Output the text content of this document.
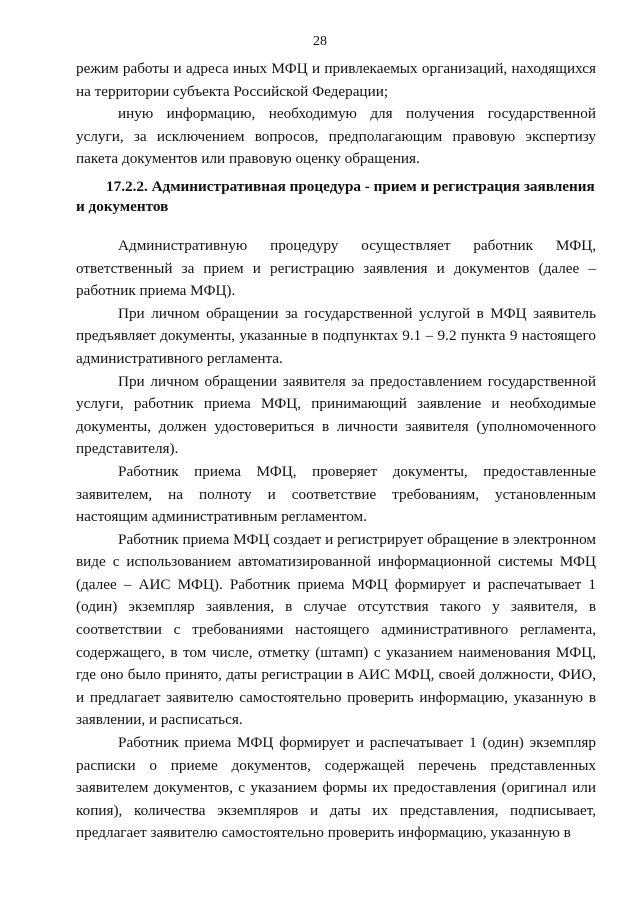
28

режим работы и адреса иных МФЦ и привлекаемых организаций, находящихся на территории субъекта Российской Федерации;

иную информацию, необходимую для получения государственной услуги, за исключением вопросов, предполагающим правовую экспертизу пакета документов или правовую оценку обращения.

17.2.2. Административная процедура - прием и регистрация заявления и документов

Административную процедуру осуществляет работник МФЦ, ответственный за прием и регистрацию заявления и документов (далее – работник приема МФЦ).

При личном обращении за государственной услугой в МФЦ заявитель предъявляет документы, указанные в подпунктах 9.1 – 9.2 пункта 9 настоящего административного регламента.

При личном обращении заявителя за предоставлением государственной услуги, работник приема МФЦ, принимающий заявление и необходимые документы, должен удостовериться в личности заявителя (уполномоченного представителя).

Работник приема МФЦ, проверяет документы, предоставленные заявителем, на полноту и соответствие требованиям, установленным настоящим административным регламентом.

Работник приема МФЦ создает и регистрирует обращение в электронном виде с использованием автоматизированной информационной системы МФЦ (далее – АИС МФЦ). Работник приема МФЦ формирует и распечатывает 1 (один) экземпляр заявления, в случае отсутствия такого у заявителя, в соответствии с требованиями настоящего административного регламента, содержащего, в том числе, отметку (штамп) с указанием наименования МФЦ, где оно было принято, даты регистрации в АИС МФЦ, своей должности, ФИО, и предлагает заявителю самостоятельно проверить информацию, указанную в заявлении, и расписаться.

Работник приема МФЦ формирует и распечатывает 1 (один) экземпляр расписки о приеме документов, содержащей перечень представленных заявителем документов, с указанием формы их предоставления (оригинал или копия), количества экземпляров и даты их представления, подписывает, предлагает заявителю самостоятельно проверить информацию, указанную в
